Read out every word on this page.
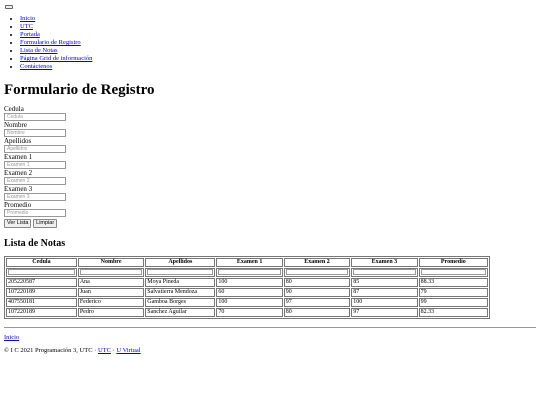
• Inicio
• UTC
• Portada
• Formulario de Registro
• Lista de Notas
• Página Grid de información
• Contáctenos
Formulario de Registro
Cedula
Cedula
Nombre
Nombre
Apellidos
Apellidos
Examen 1
Examen 1
Examen 2
Examen 2
Examen 3
Examen 3
Promedio
Promedio
Ver Lista Limpiar
Lista de Notas
Cedula	Nombre	Apellidos	Examen 1	Examen 2	Examen 3	Promedio

205220587	Ana	Moya Pineda	100	80	85	88.33
107220189	Juan	Salvatierra Mendoza	60	90	87	79
407550181	Federico	Gamboa Borges	100	97	100	99
107220189	Pedro	Sanchez Aguilar	70	80	97	82.33
Inicio
© I C 2021 Programación 3, UTC · UTC · U Virtual
